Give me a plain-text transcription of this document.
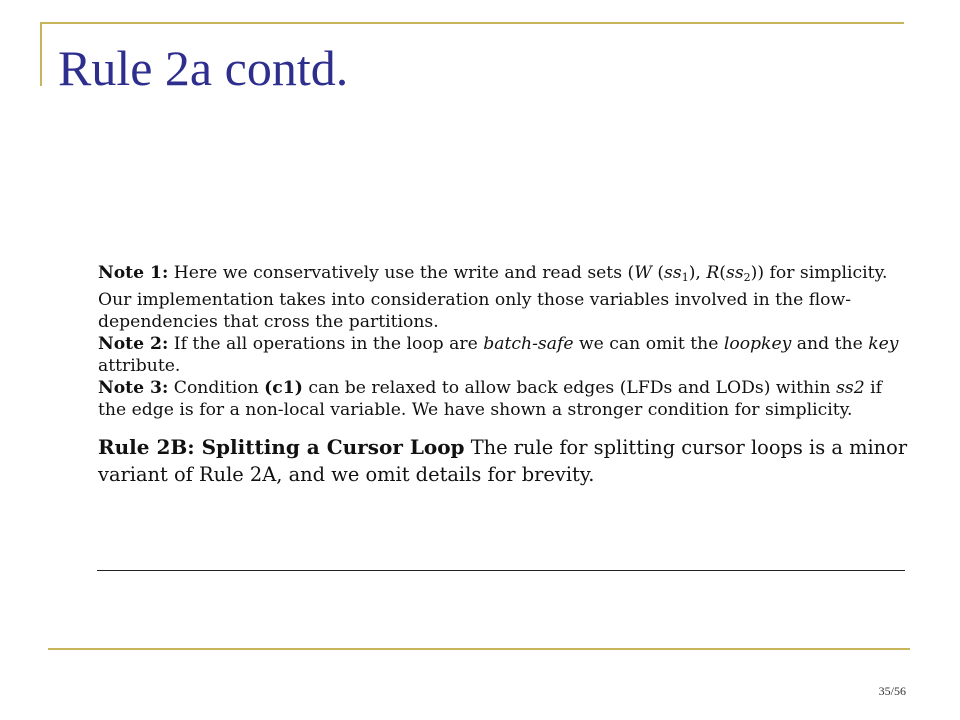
Rule 2a contd.

Note 1: Here we conservatively use the write and read sets (W $(ss_1)$, $R(ss_2)$) for simplicity. Our implementation takes into consideration only those variables involved in the flow-dependencies that cross the partitions.

Note 2: If the all operations in the loop are batch-safe we can omit the loopkey and the key attribute.

Note 3: Condition (c1) can be relaxed to allow back edges (LFDs and LODs) within ss2 if the edge is for a non-local variable. We have shown a stronger condition for simplicity.

Rule 2B: Splitting a Cursor Loop The rule for splitting cursor loops is a minor variant of Rule 2A, and we omit details for brevity.

35/56
